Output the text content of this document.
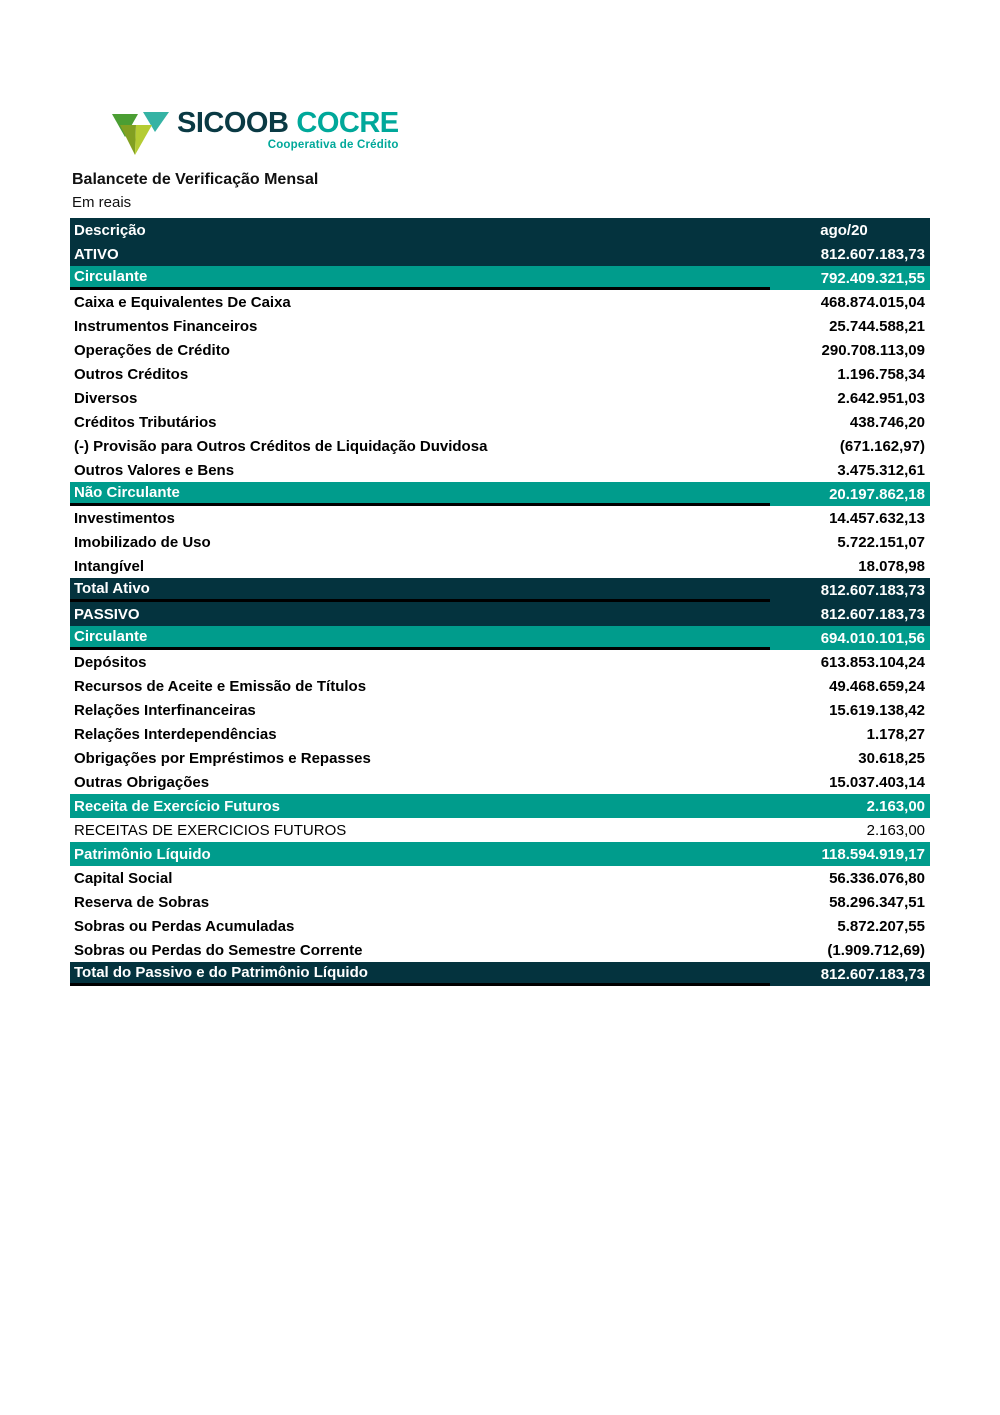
SICOOB COCRE
Cooperativa de Crédito
Balancete de Verificação Mensal
Em reais
Descrição	ago/20
ATIVO	812.607.183,73
Circulante	792.409.321,55
Caixa e Equivalentes De Caixa	468.874.015,04
Instrumentos Financeiros	25.744.588,21
Operações de Crédito	290.708.113,09
Outros Créditos	1.196.758,34
Diversos	2.642.951,03
Créditos Tributários	438.746,20
(-) Provisão para Outros Créditos de Liquidação Duvidosa	(671.162,97)
Outros Valores e Bens	3.475.312,61
Não Circulante	20.197.862,18
Investimentos	14.457.632,13
Imobilizado de Uso	5.722.151,07
Intangível	18.078,98
Total Ativo	812.607.183,73
PASSIVO	812.607.183,73
Circulante	694.010.101,56
Depósitos	613.853.104,24
Recursos de Aceite e Emissão de Títulos	49.468.659,24
Relações Interfinanceiras	15.619.138,42
Relações Interdependências	1.178,27
Obrigações por Empréstimos e Repasses	30.618,25
Outras Obrigações	15.037.403,14
Receita de Exercício Futuros	2.163,00
RECEITAS DE EXERCICIOS FUTUROS	2.163,00
Patrimônio Líquido	118.594.919,17
Capital Social	56.336.076,80
Reserva de Sobras	58.296.347,51
Sobras ou Perdas Acumuladas	5.872.207,55
Sobras ou Perdas do Semestre Corrente	(1.909.712,69)
Total do Passivo e do Patrimônio Líquido	812.607.183,73
